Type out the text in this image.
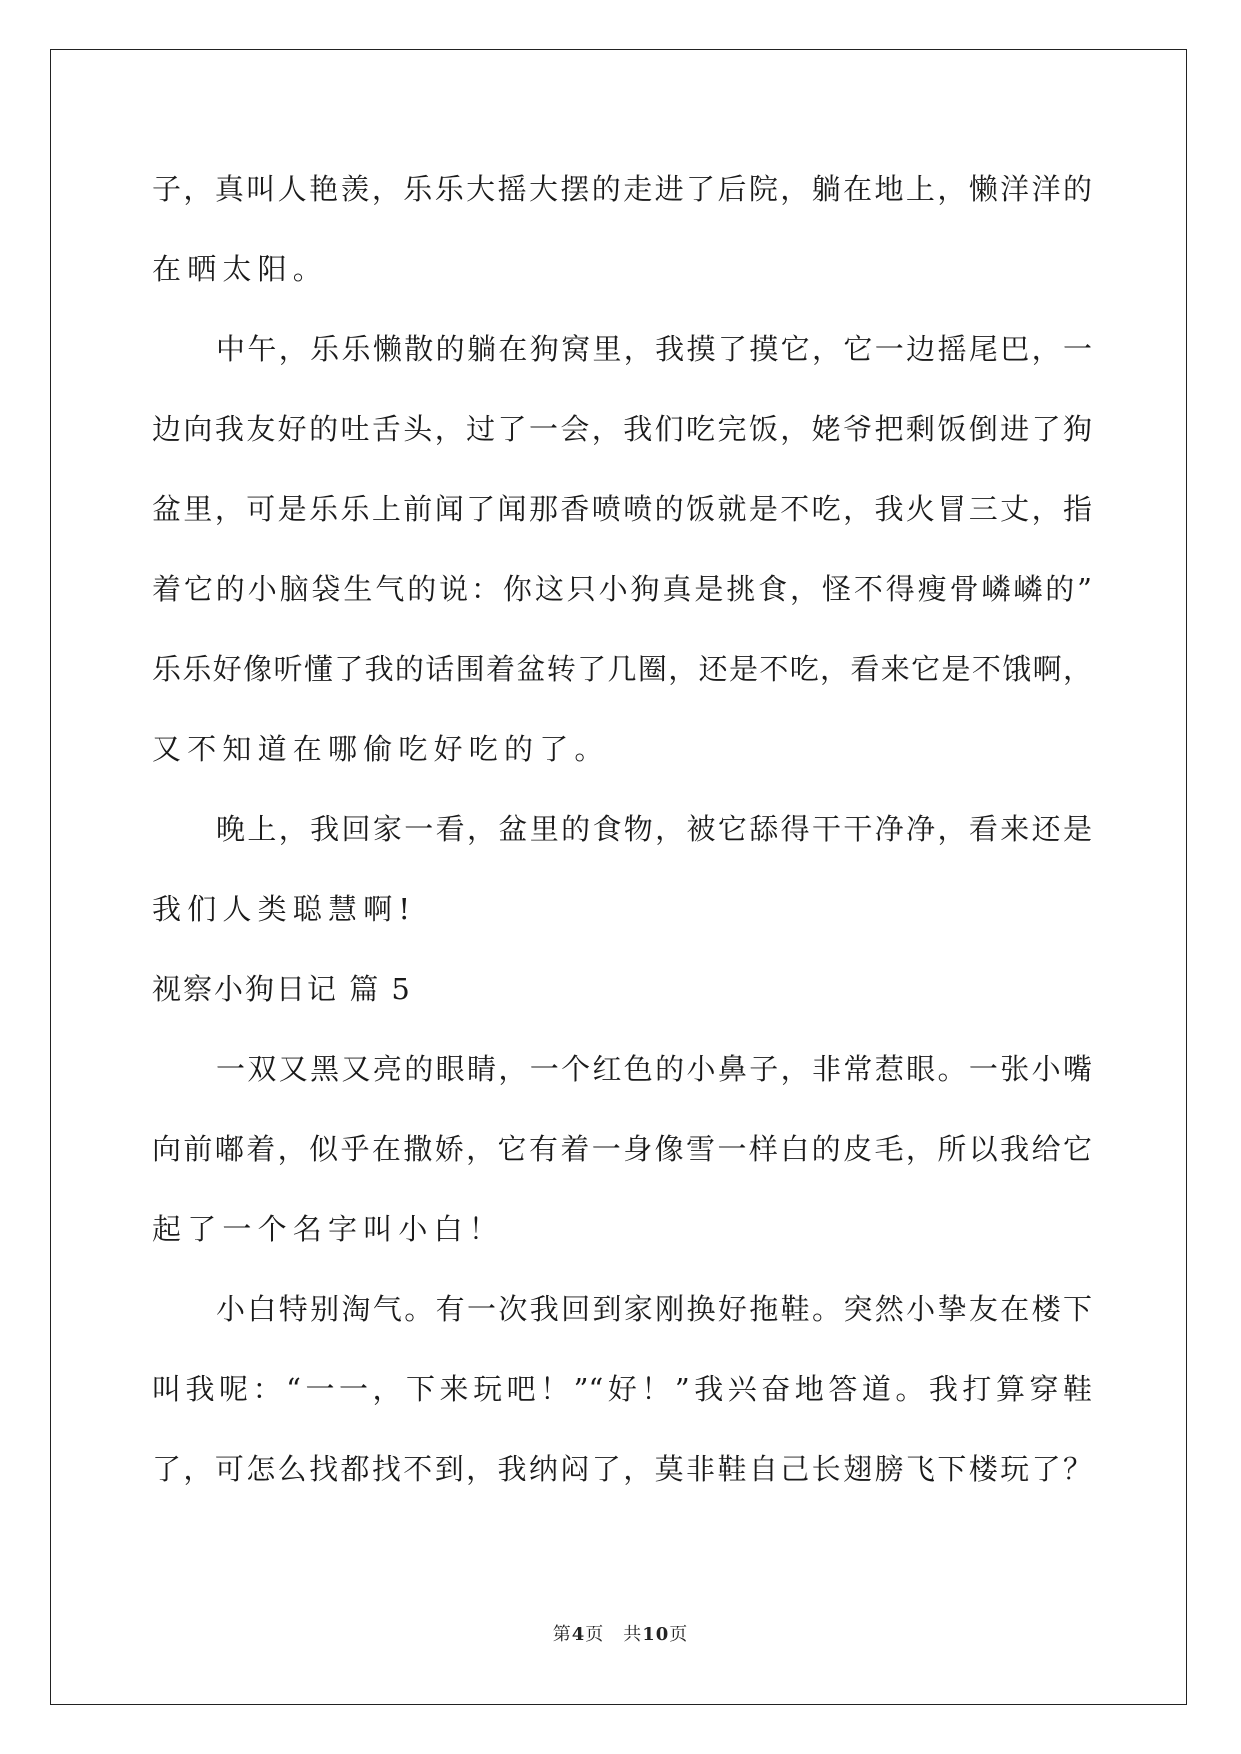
子，真叫人艳羡，乐乐大摇大摆的走进了后院，躺在地上，懒洋洋的
在晒太阳。
中午，乐乐懒散的躺在狗窝里，我摸了摸它，它一边摇尾巴，一
边向我友好的吐舌头，过了一会，我们吃完饭，姥爷把剩饭倒进了狗
盆里，可是乐乐上前闻了闻那香喷喷的饭就是不吃，我火冒三丈，指
着它的小脑袋生气的说：你这只小狗真是挑食，怪不得瘦骨嶙嶙的”
乐乐好像听懂了我的话围着盆转了几圈，还是不吃，看来它是不饿啊，
又不知道在哪偷吃好吃的了。
晚上，我回家一看，盆里的食物，被它舔得干干净净，看来还是
我们人类聪慧啊!
视察小狗日记 篇 5
一双又黑又亮的眼睛，一个红色的小鼻子，非常惹眼。一张小嘴
向前嘟着，似乎在撒娇，它有着一身像雪一样白的皮毛，所以我给它
起了一个名字叫小白！
小白特别淘气。有一次我回到家刚换好拖鞋。突然小挚友在楼下
叫我呢：“一一，下来玩吧！”“好！”我兴奋地答道。我打算穿鞋
了，可怎么找都找不到，我纳闷了，莫非鞋自己长翅膀飞下楼玩了？
第4页　共10页
